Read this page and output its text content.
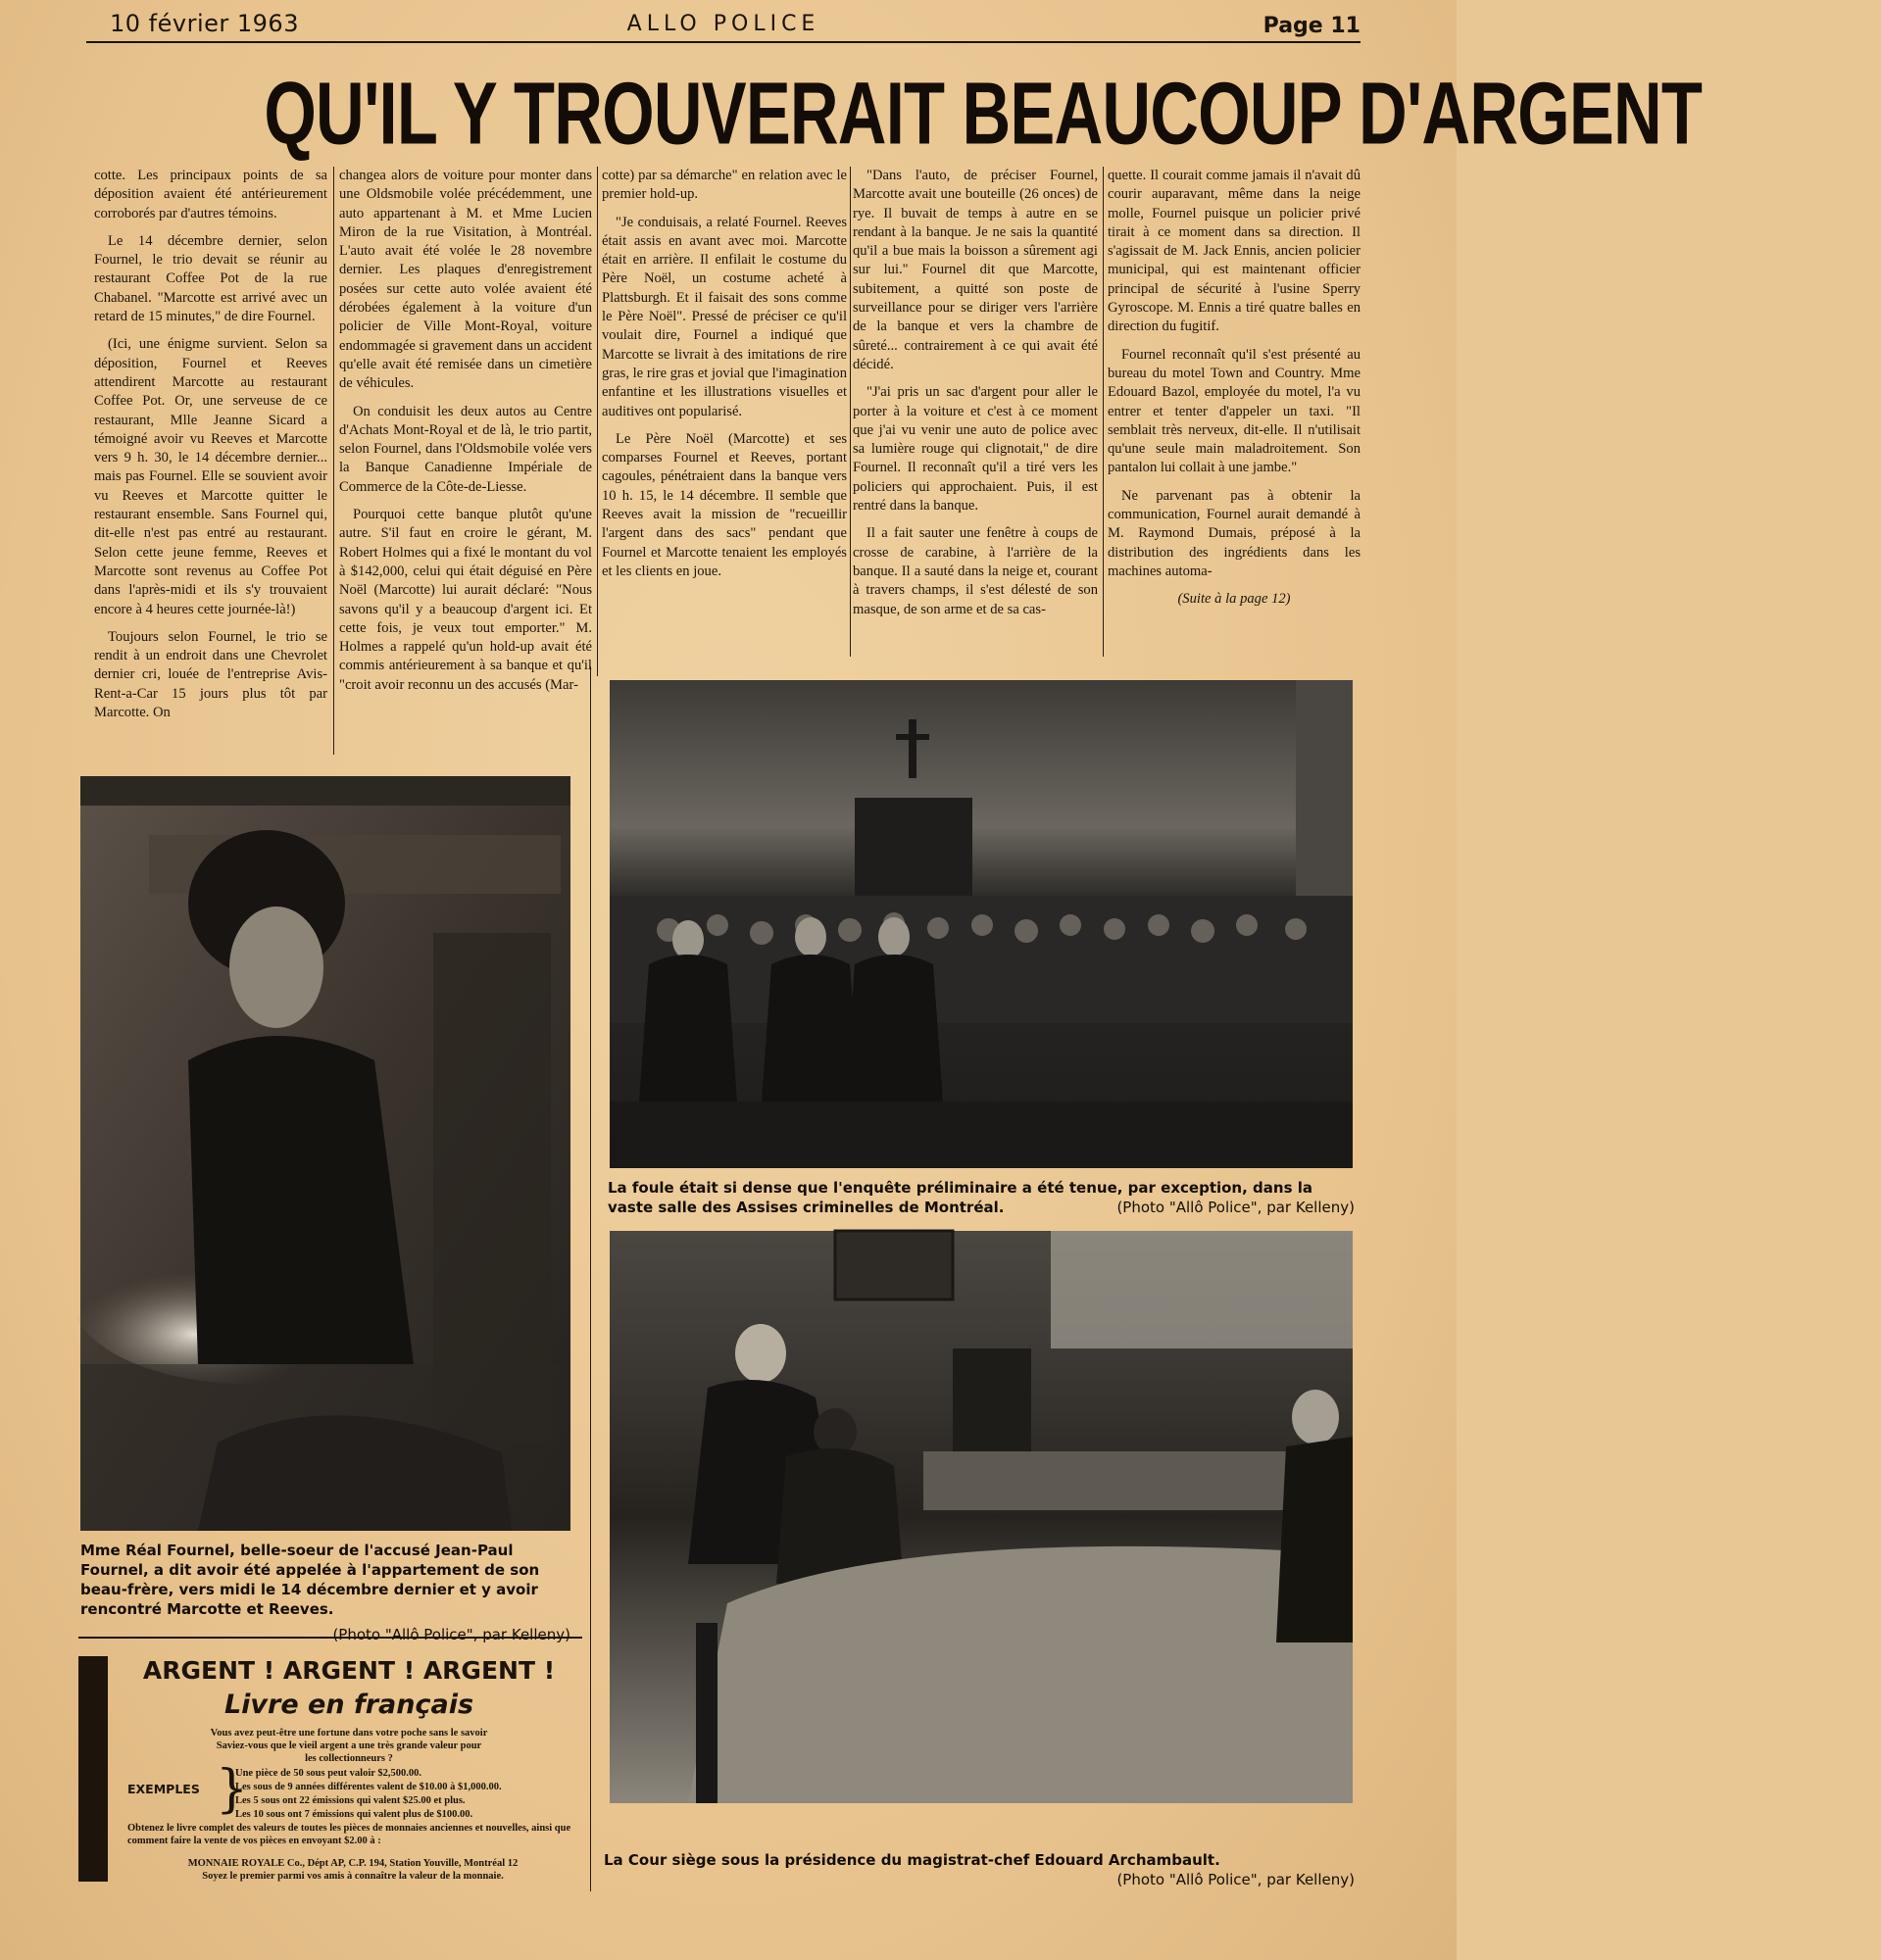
10 février 1963	ALLO POLICE	Page 11
QU'IL Y TROUVERAIT BEAUCOUP D'ARGENT

cotte. Les principaux points de sa déposition avaient été antérieurement corroborés par d'autres témoins.

Le 14 décembre dernier, selon Fournel, le trio devait se réunir au restaurant Coffee Pot de la rue Chabanel. "Marcotte est arrivé avec un retard de 15 minutes," de dire Fournel.

(Ici, une énigme survient. Selon sa déposition, Fournel et Reeves attendirent Marcotte au restaurant Coffee Pot. Or, une serveuse de ce restaurant, Mlle Jeanne Sicard a témoigné avoir vu Reeves et Marcotte vers 9 h. 30, le 14 décembre dernier... mais pas Fournel. Elle se souvient avoir vu Reeves et Marcotte quitter le restaurant ensemble. Sans Fournel qui, dit-elle n'est pas entré au restaurant. Selon cette jeune femme, Reeves et Marcotte sont revenus au Coffee Pot dans l'après-midi et ils s'y trouvaient encore à 4 heures cette journée-là!)

Toujours selon Fournel, le trio se rendit à un endroit dans une Chevrolet dernier cri, louée de l'entreprise Avis-Rent-a-Car 15 jours plus tôt par Marcotte. On

changea alors de voiture pour monter dans une Oldsmobile volée précédemment, une auto appartenant à M. et Mme Lucien Miron de la rue Visitation, à Montréal. L'auto avait été volée le 28 novembre dernier. Les plaques d'enregistrement posées sur cette auto volée avaient été dérobées également à la voiture d'un policier de Ville Mont-Royal, voiture endommagée si gravement dans un accident qu'elle avait été remisée dans un cimetière de véhicules.

On conduisit les deux autos au Centre d'Achats Mont-Royal et de là, le trio partit, selon Fournel, dans l'Oldsmobile volée vers la Banque Canadienne Impériale de Commerce de la Côte-de-Liesse.

Pourquoi cette banque plutôt qu'une autre. S'il faut en croire le gérant, M. Robert Holmes qui a fixé le montant du vol à $142,000, celui qui était déguisé en Père Noël (Marcotte) lui aurait déclaré: "Nous savons qu'il y a beaucoup d'argent ici. Et cette fois, je veux tout emporter." M. Holmes a rappelé qu'un hold-up avait été commis antérieurement à sa banque et qu'il "croit avoir reconnu un des accusés (Mar-

cotte) par sa démarche" en relation avec le premier hold-up.

"Je conduisais, a relaté Fournel. Reeves était assis en avant avec moi. Marcotte était en arrière. Il enfilait le costume du Père Noël, un costume acheté à Plattsburgh. Et il faisait des sons comme le Père Noël". Pressé de préciser ce qu'il voulait dire, Fournel a indiqué que Marcotte se livrait à des imitations de rire gras, le rire gras et jovial que l'imagination enfantine et les illustrations visuelles et auditives ont popularisé.

Le Père Noël (Marcotte) et ses comparses Fournel et Reeves, portant cagoules, pénétraient dans la banque vers 10 h. 15, le 14 décembre. Il semble que Reeves avait la mission de "recueillir l'argent dans des sacs" pendant que Fournel et Marcotte tenaient les employés et les clients en joue.

"Dans l'auto, de préciser Fournel, Marcotte avait une bouteille (26 onces) de rye. Il buvait de temps à autre en se rendant à la banque. Je ne sais la quantité qu'il a bue mais la boisson a sûrement agi sur lui." Fournel dit que Marcotte, subitement, a quitté son poste de surveillance pour se diriger vers l'arrière de la banque et vers la chambre de sûreté... contrairement à ce qui avait été décidé.

"J'ai pris un sac d'argent pour aller le porter à la voiture et c'est à ce moment que j'ai vu venir une auto de police avec sa lumière rouge qui clignotait," de dire Fournel. Il reconnaît qu'il a tiré vers les policiers qui approchaient. Puis, il est rentré dans la banque.

Il a fait sauter une fenêtre à coups de crosse de carabine, à l'arrière de la banque. Il a sauté dans la neige et, courant à travers champs, il s'est délesté de son masque, de son arme et de sa cas-

quette. Il courait comme jamais il n'avait dû courir auparavant, même dans la neige molle, Fournel puisque un policier privé tirait à ce moment dans sa direction. Il s'agissait de M. Jack Ennis, ancien policier municipal, qui est maintenant officier principal de sécurité à l'usine Sperry Gyroscope. M. Ennis a tiré quatre balles en direction du fugitif.

Fournel reconnaît qu'il s'est présenté au bureau du motel Town and Country. Mme Edouard Bazol, employée du motel, l'a vu entrer et tenter d'appeler un taxi. "Il semblait très nerveux, dit-elle. Il n'utilisait qu'une seule main maladroitement. Son pantalon lui collait à une jambe."

Ne parvenant pas à obtenir la communication, Fournel aurait demandé à M. Raymond Dumais, préposé à la distribution des ingrédients dans les machines automa-

(Suite à la page 12)

Mme Réal Fournel, belle-soeur de l'accusé Jean-Paul Fournel, a dit avoir été appelée à l'appartement de son beau-frère, vers midi le 14 décembre dernier et y avoir rencontré Marcotte et Reeves.
(Photo "Allô Police", par Kelleny)
La foule était si dense que l'enquête préliminaire a été tenue, par exception, dans la vaste salle des Assises criminelles de Montréal.	(Photo "Allô Police", par Kelleny)
La Cour siège sous la présidence du magistrat-chef Edouard Archambault.
(Photo "Allô Police", par Kelleny)
ARGENT ! ARGENT ! ARGENT !
Livre en français
Vous avez peut-être une fortune dans votre poche sans le savoir
Saviez-vous que le vieil argent a une très grande valeur pour
les collectionneurs ?
EXEMPLES }
Une pièce de 50 sous peut valoir $2,500.00.
Les sous de 9 années différentes valent de $10.00 à $1,000.00.
Les 5 sous ont 22 émissions qui valent $25.00 et plus.
Les 10 sous ont 7 émissions qui valent plus de $100.00.
Obtenez le livre complet des valeurs de toutes les pièces de monnaies anciennes et nouvelles, ainsi que comment faire la vente de vos pièces en envoyant $2.00 à :
MONNAIE ROYALE Co., Dépt AP, C.P. 194, Station Youville, Montréal 12
Soyez le premier parmi vos amis à connaître la valeur de la monnaie.
